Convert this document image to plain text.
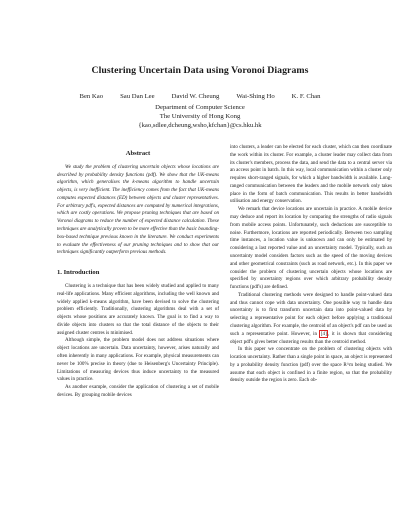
Clustering Uncertain Data using Voronoi Diagrams
Ben Kao	Sau Dan Lee	David W. Cheung	Wai-Shing Ho	K. F. Chan
Department of Computer Science
The University of Hong Kong
{kao,sdlee,dcheung,wsho,kfchan}@cs.hku.hk
Abstract

We study the problem of clustering uncertain objects whose locations are described by probability density functions (pdf). We show that the UK-means algorithm, which generalises the k-means algorithm to handle uncertain objects, is very inefficient. The inefficiency comes from the fact that UK-means computes expected distances (ED) between objects and cluster representatives. For arbitrary pdf's, expected distances are computed by numerical integrations, which are costly operations. We propose pruning techniques that are based on Voronoi diagrams to reduce the number of expected distance calculation. These techniques are analytically proven to be more effective than the basic bounding-box-based technique previous known in the literature. We conduct experiments to evaluate the effectiveness of our pruning techniques and to show that our techniques significantly outperform previous methods.

1. Introduction

Clustering is a technique that has been widely studied and applied to many real-life applications. Many efficient algorithms, including the well known and widely applied k-means algorithm, have been devised to solve the clustering problem efficiently. Traditionally, clustering algorithms deal with a set of objects whose positions are accurately known. The goal is to find a way to divide objects into clusters so that the total distance of the objects to their assigned cluster centres is minimised.

Although simple, the problem model does not address situations where object locations are uncertain. Data uncertainty, however, arises naturally and often inherently in many applications. For example, physical measurements can never be 100% precise in theory (due to Heisenberg's Uncertainty Principle). Limitations of measuring devices thus induce uncertainty to the measured values in practice.

As another example, consider the application of clustering a set of mobile devices. By grouping mobile devices

into clusters, a leader can be elected for each cluster, which can then coordinate the work within its cluster. For example, a cluster leader may collect data from its cluster's members, process the data, and send the data to a central server via an access point in batch. In this way, local communication within a cluster only requires short-ranged signals, for which a higher bandwidth is available. Long-ranged communication between the leaders and the mobile network only takes place in the form of batch communication. This results in better bandwidth utilisation and energy conservation.

We remark that device locations are uncertain in practice. A mobile device may deduce and report its location by comparing the strengths of radio signals from mobile access points. Unfortunately, such deductions are susceptible to noise. Furthermore, locations are reported periodically. Between two sampling time instances, a location value is unknown and can only be estimated by considering a last reported value and an uncertainty model. Typically, such an uncertainty model considers factors such as the speed of the moving devices and other geometrical constraints (such as road network, etc.). In this paper we consider the problem of clustering uncertain objects whose locations are specified by uncertainty regions over which arbitrary probability density functions (pdf's) are defined.

Traditional clustering methods were designed to handle point-valued data and thus cannot cope with data uncertainty. One possible way to handle data uncertainty is to first transform uncertain data into point-valued data by selecting a representative point for each object before applying a traditional clustering algorithm. For example, the centroid of an object's pdf can be used as such a representative point. However, in [4], it is shown that considering object pdf's gives better clustering results than the centroid method.

In this paper we concentrate on the problem of clustering objects with location uncertainty. Rather than a single point in space, an object is represented by a probability density function (pdf) over the space R^m being studied. We assume that each object is confined in a finite region, so that the probability density outside the region is zero. Each ob-
